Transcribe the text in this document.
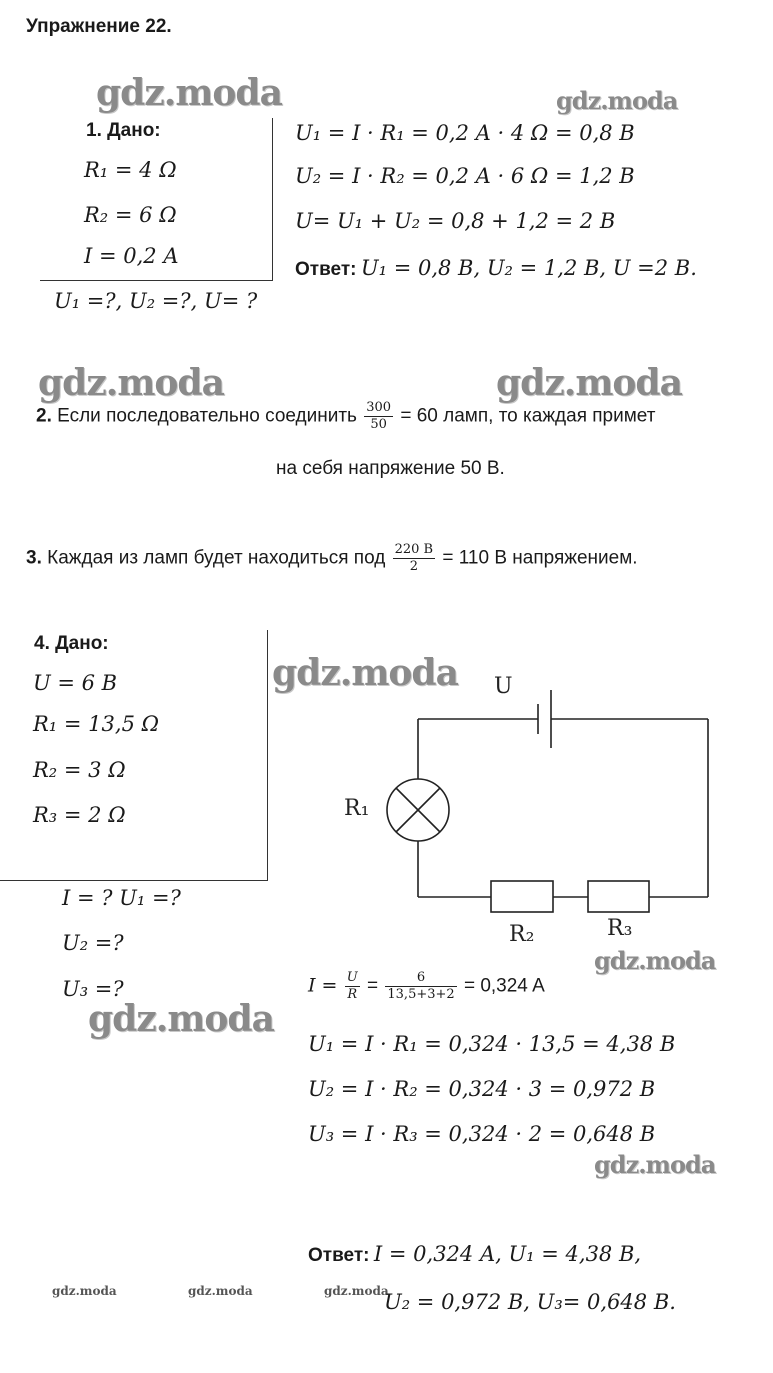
Упражнение 22.
gdz.moda	gdz.moda
gdz.moda	gdz.moda
gdz.moda
gdz.moda
gdz.moda
gdz.moda
gdz.moda	gdz.moda	gdz.moda
1. Дано:
R₁ = 4 Ω
R₂ = 6 Ω
I = 0,2 A
U₁ =?, U₂ =?, U= ?
U₁ = I · R₁ = 0,2 A · 4 Ω = 0,8 B
U₂ = I · R₂ = 0,2 A · 6 Ω = 1,2 B
U= U₁ + U₂ = 0,8 + 1,2 = 2 B
Ответ: U₁ = 0,8 B, U₂ = 1,2 B, U =2 B.
2. Если последовательно соединить $\frac{300}{50} = 60$ ламп, то каждая примет
на себя напряжение 50 B.
3. Каждая из ламп будет находиться под $\frac{220 B}{2} = 110$ B напряжением.
4. Дано:
U = 6 B
R₁ = 13,5 Ω
R₂ = 3 Ω
R₃ = 2 Ω
I = ? U₁ =?
U₂ =?
U₃ =?
U
R₁
R₂	R₃
$I = \frac{U}{R} = \frac{6}{13,5+3+2} = 0,324$ A
U₁ = I · R₁ = 0,324 · 13,5 = 4,38 B
U₂ = I · R₂ = 0,324 · 3 = 0,972 B
U₃ = I · R₃ = 0,324 · 2 = 0,648 B
Ответ: I = 0,324 A, U₁ = 4,38 B,
U₂ = 0,972 B, U₃= 0,648 B.
